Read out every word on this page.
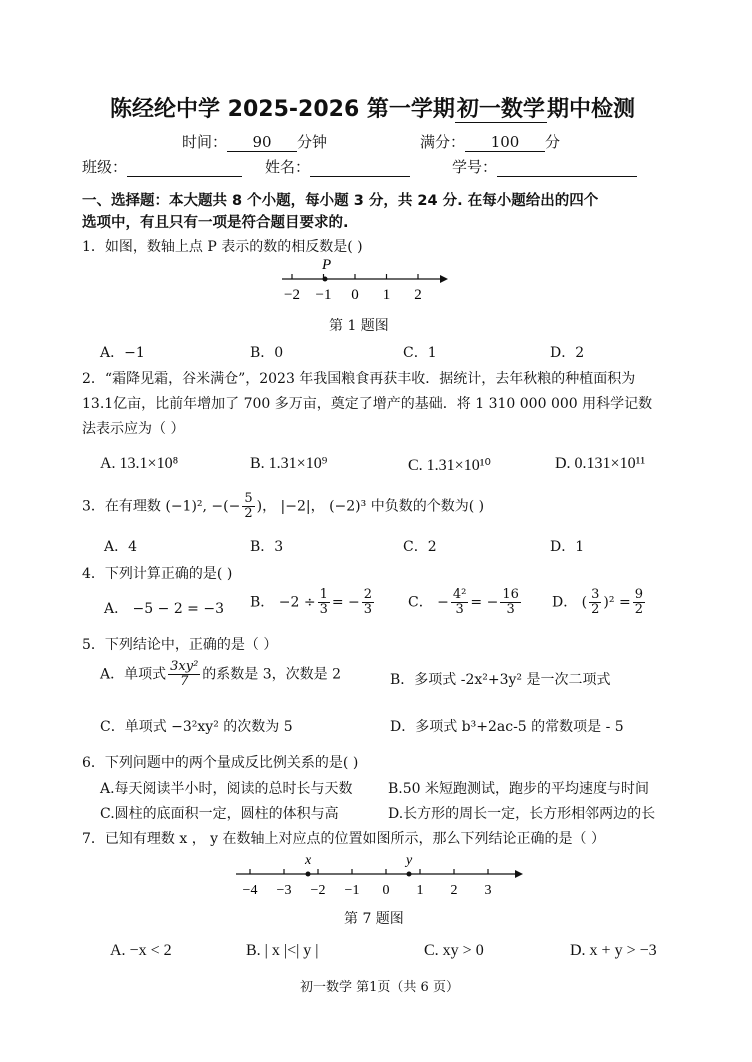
陈经纶中学 2025-2026 第一学期初一数学期中检测
时间： 90 分钟	满分： 100 分
班级：	姓名：	学号：
一、选择题：本大题共 8 个小题，每小题 3 分，共 24 分. 在每小题给出的四个
选项中，有且只有一项是符合题目要求的.
1．如图，数轴上点 P 表示的数的相反数是( )
−2 −1 0 1 2
P
第 1 题图
A．−1	B．0	C．1	D．2
2．“霜降见霜，谷米满仓”，2023 年我国粮食再获丰收．据统计，去年秋粮的种植面积为
13.1亿亩，比前年增加了 700 多万亩，奠定了增产的基础．将 1 310 000 000 用科学记数
法表示应为（ ）
A. 13.1×10⁸	B. 1.31×10⁹	C. 1.31×10¹⁰	D. 0.131×10¹¹
3．在有理数 (−1)², −(− $\frac{5}{2}$ )， |−2|， (−2)³ 中负数的个数为( )
A．4	B．3	C．2	D．1
4．下列计算正确的是( )
A． −5 − 2 = −3 B． $-2 \div \frac{1}{3}$ = − $\frac{2}{3}$ C． − $\frac{\text{4²}}{3}$ = − $\frac{16}{3}$ D． ( $\frac{3}{2} )^2 = \frac{9}{2}$
5．下列结论中，正确的是（ ）
A．单项式 $\frac{\text{3xy²}}{7}$ 的系数是 3，次数是 2	B．多项式 -2x²+3y² 是一次二项式
C．单项式 −3²xy² 的次数为 5	D．多项式 b³+2ac-5 的常数项是 - 5
6．下列问题中的两个量成反比例关系的是( )
A.每天阅读半小时，阅读的总时长与天数	B.50 米短跑测试，跑步的平均速度与时间
C.圆柱的底面积一定，圆柱的体积与高	D.长方形的周长一定，长方形相邻两边的长
7．已知有理数 x ， y 在数轴上对应点的位置如图所示，那么下列结论正确的是（ ）
−4 −3 −2 −1 0 1 2 3
x	y
第 7 题图
A. −x < 2	B. | x |<| y |	C. xy > 0	D. x + y > −3
初一数学 第1页（共 6 页）
